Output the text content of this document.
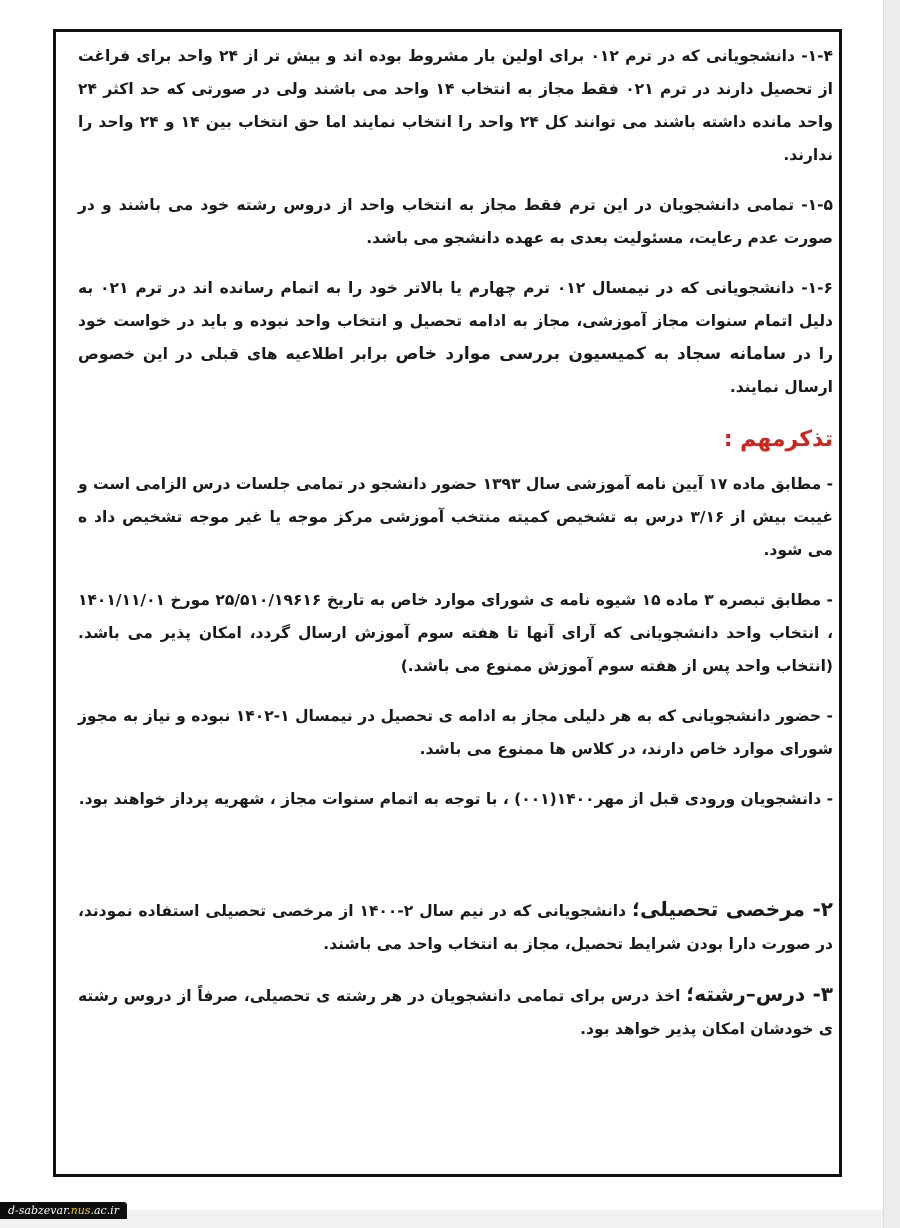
۱-۴- دانشجویانی که در ترم ۰۱۲ برای اولین بار مشروط بوده اند و بیش تر از ۲۴ واحد برای فراغت از تحصیل دارند در ترم ۰۲۱ فقط مجاز به انتخاب ۱۴ واحد می باشند ولی در صورتی که حد اکثر ۲۴ واحد مانده داشته باشند می توانند کل ۲۴ واحد را انتخاب نمایند اما حق انتخاب بین ۱۴ و ۲۴ واحد را ندارند.

۱-۵- تمامی دانشجویان در این ترم فقط مجاز به انتخاب واحد از دروس رشته خود می باشند و در صورت عدم رعایت، مسئولیت بعدی به عهده دانشجو می باشد.

۱-۶- دانشجویانی که در نیمسال ۰۱۲ ترم چهارم یا بالاتر خود را به اتمام رسانده اند در ترم ۰۲۱ به دلیل اتمام سنوات مجاز آموزشی، مجاز به ادامه تحصیل و انتخاب واحد نبوده و باید در خواست خود را در سامانه سجاد به کمیسیون بررسی موارد خاص برابر اطلاعیه های قبلی در این خصوص ارسال نمایند.

تذکرمهم :

- مطابق ماده ۱۷ آیین نامه آموزشی سال ۱۳۹۳ حضور دانشجو در تمامی جلسات درس الزامی است و غیبت بیش از ۳/۱۶ درس به تشخیص کمیته منتخب آموزشی مرکز موجه یا غیر موجه تشخیص داد ه می شود.

- مطابق تبصره ۳ ماده ۱۵ شیوه نامه ی شورای موارد خاص به تاریخ ۲۵/۵۱۰/۱۹۶۱۶ مورخ ۱۴۰۱/۱۱/۰۱ ، انتخاب واحد دانشجویانی که آرای آنها تا هفته سوم آموزش ارسال گردد، امکان پذیر می باشد.(انتخاب واحد پس از هفته سوم آموزش ممنوع می باشد.)

- حضور دانشجویانی که به هر دلیلی مجاز به ادامه ی تحصیل در نیمسال ۱-۱۴۰۲ نبوده و نیاز به مجوز شورای موارد خاص دارند، در کلاس ها ممنوع می باشد.

- دانشجویان ورودی قبل از مهر۱۴۰۰(۰۰۱) ، با توجه به اتمام سنوات مجاز ، شهریه پرداز خواهند بود.

۲- مرخصی تحصیلی؛ دانشجویانی که در نیم سال ۲-۱۴۰۰ از مرخصی تحصیلی استفاده نمودند، در صورت دارا بودن شرایط تحصیل، مجاز به انتخاب واحد می باشند.

۳- درس–رشته؛ اخذ درس برای تمامی دانشجویان در هر رشته ی تحصیلی، صرفاً از دروس رشته ی خودشان امکان پذیر خواهد بود.

d-sabzevar.nus.ac.ir
